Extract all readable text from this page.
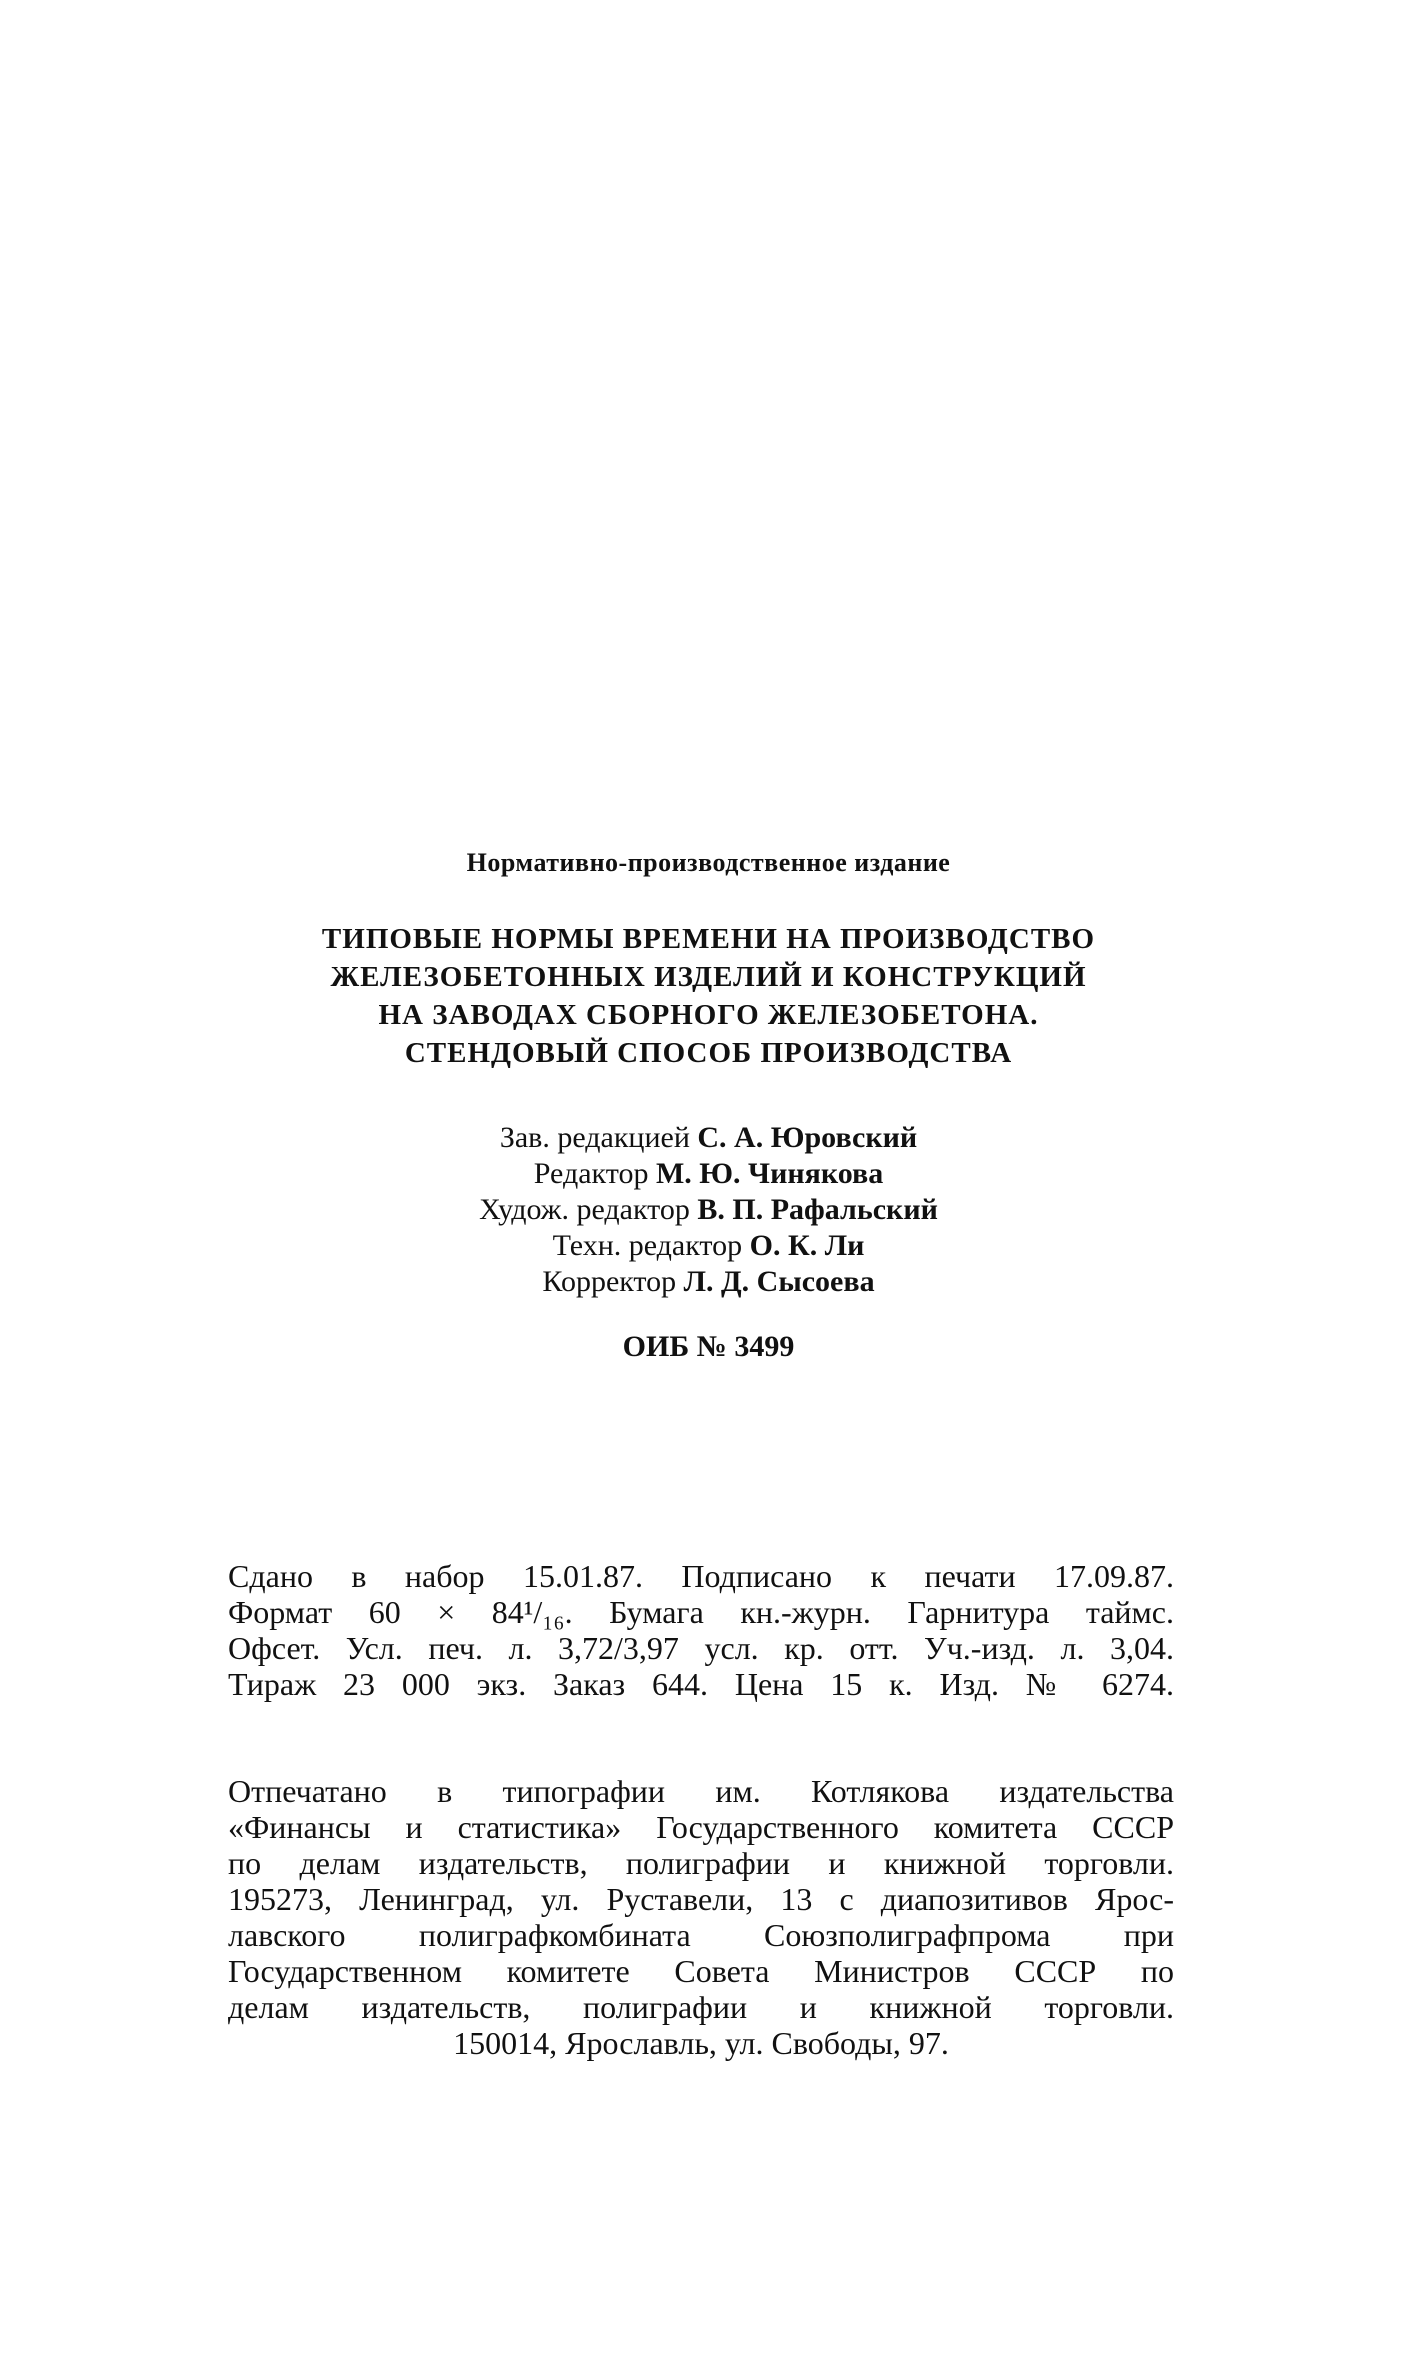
Нормативно-производственное издание
ТИПОВЫЕ НОРМЫ ВРЕМЕНИ НА ПРОИЗВОДСТВО
ЖЕЛЕЗОБЕТОННЫХ ИЗДЕЛИЙ И КОНСТРУКЦИЙ
НА ЗАВОДАХ СБОРНОГО ЖЕЛЕЗОБЕТОНА.
СТЕНДОВЫЙ СПОСОБ ПРОИЗВОДСТВА
Зав. редакцией С. А. Юровский
Редактор М. Ю. Чинякова
Худож. редактор В. П. Рафальский
Техн. редактор О. К. Ли
Корректор Л. Д. Сысоева
ОИБ № 3499
Сдано в набор 15.01.87. Подписано к печати 17.09.87.
Формат 60 × 84¹/₁₆. Бумага кн.-журн. Гарнитура таймс.
Офсет. Усл. печ. л. 3,72/3,97 усл. кр. отт. Уч.-изд. л. 3,04.
Тираж 23 000 экз. Заказ 644. Цена 15 к. Изд. № 6274.
Отпечатано в типографии им. Котлякова издательства
«Финансы и статистика» Государственного комитета СССР
по делам издательств, полиграфии и книжной торговли.
195273, Ленинград, ул. Руставели, 13 с диапозитивов Ярос-
лавского полиграфкомбината Союзполиграфпрома при
Государственном комитете Совета Министров СССР по
делам издательств, полиграфии и книжной торговли.
150014, Ярославль, ул. Свободы, 97.
